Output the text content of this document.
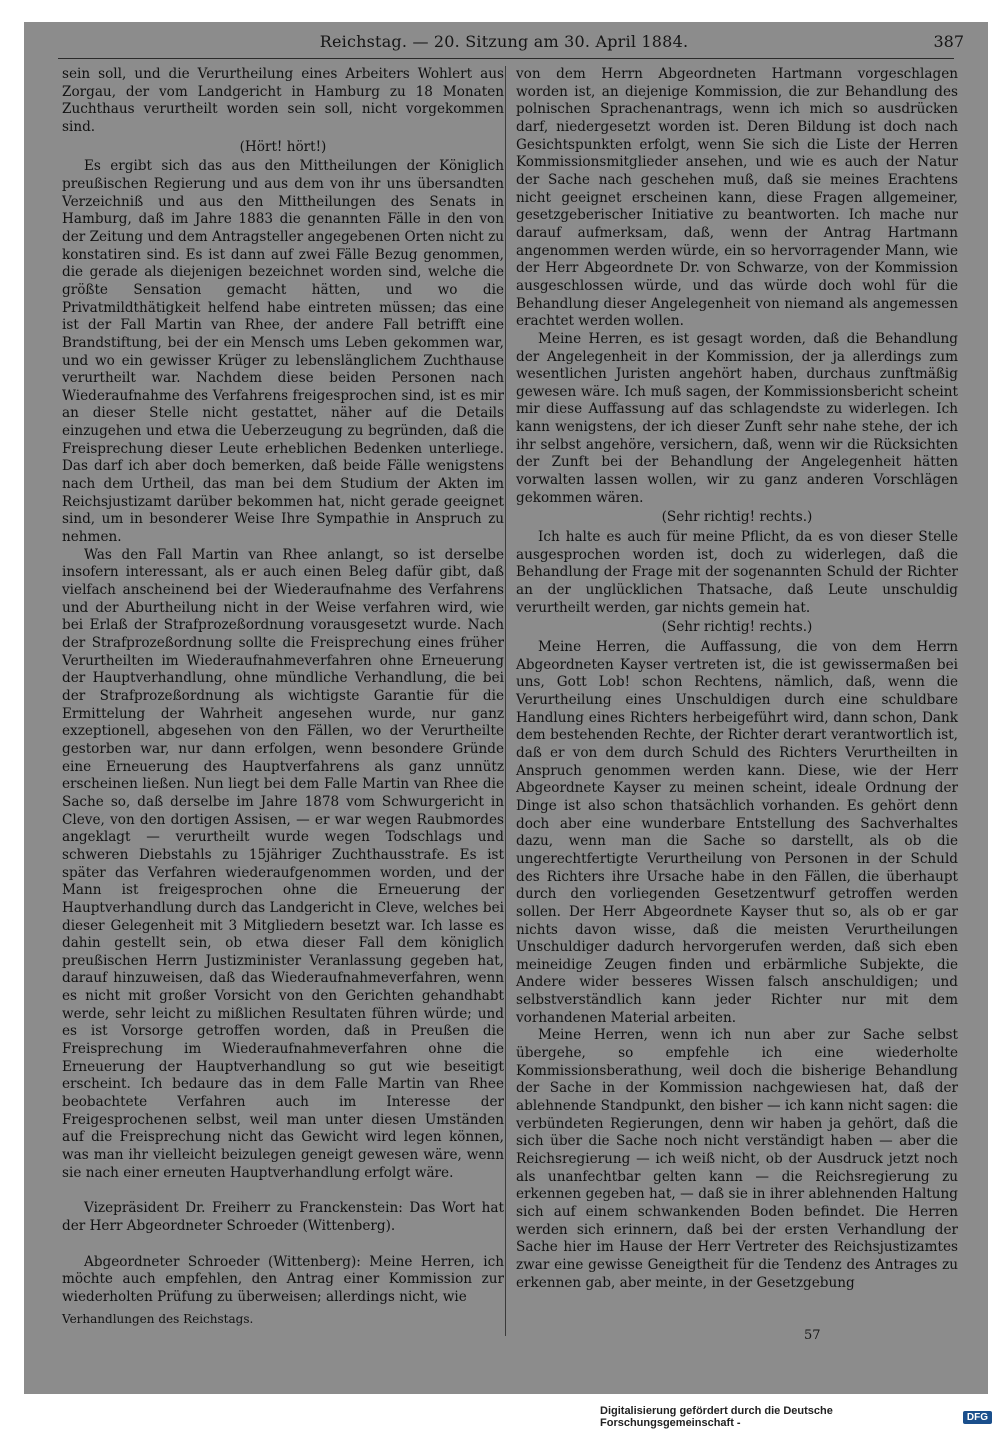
Reichstag. — 20. Sitzung am 30. April 1884.	387

sein soll, und die Verurtheilung eines Arbeiters Wohlert aus Zorgau, der vom Landgericht in Hamburg zu 18 Monaten Zuchthaus verurtheilt worden sein soll, nicht vorgekommen sind.

(Hört! hört!)

Es ergibt sich das aus den Mittheilungen der Königlich preußischen Regierung und aus dem von ihr uns übersandten Verzeichniß und aus den Mittheilungen des Senats in Hamburg, daß im Jahre 1883 die genannten Fälle in den von der Zeitung und dem Antragsteller angegebenen Orten nicht zu konstatiren sind. Es ist dann auf zwei Fälle Bezug genommen, die gerade als diejenigen bezeichnet worden sind, welche die größte Sensation gemacht hätten, und wo die Privatmildthätigkeit helfend habe eintreten müssen; das eine ist der Fall Martin van Rhee, der andere Fall betrifft eine Brandstiftung, bei der ein Mensch ums Leben gekommen war, und wo ein gewisser Krüger zu lebenslänglichem Zuchthause verurtheilt war. Nachdem diese beiden Personen nach Wiederaufnahme des Verfahrens freigesprochen sind, ist es mir an dieser Stelle nicht gestattet, näher auf die Details einzugehen und etwa die Ueberzeugung zu begründen, daß die Freisprechung dieser Leute erheblichen Bedenken unterliege. Das darf ich aber doch bemerken, daß beide Fälle wenigstens nach dem Urtheil, das man bei dem Studium der Akten im Reichsjustizamt darüber bekommen hat, nicht gerade geeignet sind, um in besonderer Weise Ihre Sympathie in Anspruch zu nehmen.

Was den Fall Martin van Rhee anlangt, so ist derselbe insofern interessant, als er auch einen Beleg dafür gibt, daß vielfach anscheinend bei der Wiederaufnahme des Verfahrens und der Aburtheilung nicht in der Weise verfahren wird, wie bei Erlaß der Strafprozeßordnung vorausgesetzt wurde. Nach der Strafprozeßordnung sollte die Freisprechung eines früher Verurtheilten im Wiederaufnahmeverfahren ohne Erneuerung der Hauptverhandlung, ohne mündliche Verhandlung, die bei der Strafprozeßordnung als wichtigste Garantie für die Ermittelung der Wahrheit angesehen wurde, nur ganz exzeptionell, abgesehen von den Fällen, wo der Verurtheilte gestorben war, nur dann erfolgen, wenn besondere Gründe eine Erneuerung des Hauptverfahrens als ganz unnütz erscheinen ließen. Nun liegt bei dem Falle Martin van Rhee die Sache so, daß derselbe im Jahre 1878 vom Schwurgericht in Cleve, von den dortigen Assisen, — er war wegen Raubmordes angeklagt — verurtheilt wurde wegen Todschlags und schweren Diebstahls zu 15jähriger Zuchthausstrafe. Es ist später das Verfahren wiederaufgenommen worden, und der Mann ist freigesprochen ohne die Erneuerung der Hauptverhandlung durch das Landgericht in Cleve, welches bei dieser Gelegenheit mit 3 Mitgliedern besetzt war. Ich lasse es dahin gestellt sein, ob etwa dieser Fall dem königlich preußischen Herrn Justizminister Veranlassung gegeben hat, darauf hinzuweisen, daß das Wiederaufnahmeverfahren, wenn es nicht mit großer Vorsicht von den Gerichten gehandhabt werde, sehr leicht zu mißlichen Resultaten führen würde; und es ist Vorsorge getroffen worden, daß in Preußen die Freisprechung im Wiederaufnahmeverfahren ohne die Erneuerung der Hauptverhandlung so gut wie beseitigt erscheint. Ich bedaure das in dem Falle Martin van Rhee beobachtete Verfahren auch im Interesse der Freigesprochenen selbst, weil man unter diesen Umständen auf die Freisprechung nicht das Gewicht wird legen können, was man ihr vielleicht beizulegen geneigt gewesen wäre, wenn sie nach einer erneuten Hauptverhandlung erfolgt wäre.

Vizepräsident Dr. Freiherr zu Franckenstein: Das Wort hat der Herr Abgeordneter Schroeder (Wittenberg).

Abgeordneter Schroeder (Wittenberg): Meine Herren, ich möchte auch empfehlen, den Antrag einer Kommission zur wiederholten Prüfung zu überweisen; allerdings nicht, wie

Verhandlungen des Reichstags.

von dem Herrn Abgeordneten Hartmann vorgeschlagen worden ist, an diejenige Kommission, die zur Behandlung des polnischen Sprachenantrags, wenn ich mich so ausdrücken darf, niedergesetzt worden ist. Deren Bildung ist doch nach Gesichtspunkten erfolgt, wenn Sie sich die Liste der Herren Kommissionsmitglieder ansehen, und wie es auch der Natur der Sache nach geschehen muß, daß sie meines Erachtens nicht geeignet erscheinen kann, diese Fragen allgemeiner, gesetzgeberischer Initiative zu beantworten. Ich mache nur darauf aufmerksam, daß, wenn der Antrag Hartmann angenommen werden würde, ein so hervorragender Mann, wie der Herr Abgeordnete Dr. von Schwarze, von der Kommission ausgeschlossen würde, und das würde doch wohl für die Behandlung dieser Angelegenheit von niemand als angemessen erachtet werden wollen.

Meine Herren, es ist gesagt worden, daß die Behandlung der Angelegenheit in der Kommission, der ja allerdings zum wesentlichen Juristen angehört haben, durchaus zunftmäßig gewesen wäre. Ich muß sagen, der Kommissionsbericht scheint mir diese Auffassung auf das schlagendste zu widerlegen. Ich kann wenigstens, der ich dieser Zunft sehr nahe stehe, der ich ihr selbst angehöre, versichern, daß, wenn wir die Rücksichten der Zunft bei der Behandlung der Angelegenheit hätten vorwalten lassen wollen, wir zu ganz anderen Vorschlägen gekommen wären.

(Sehr richtig! rechts.)

Ich halte es auch für meine Pflicht, da es von dieser Stelle ausgesprochen worden ist, doch zu widerlegen, daß die Behandlung der Frage mit der sogenannten Schuld der Richter an der unglücklichen Thatsache, daß Leute unschuldig verurtheilt werden, gar nichts gemein hat.

(Sehr richtig! rechts.)

Meine Herren, die Auffassung, die von dem Herrn Abgeordneten Kayser vertreten ist, die ist gewissermaßen bei uns, Gott Lob! schon Rechtens, nämlich, daß, wenn die Verurtheilung eines Unschuldigen durch eine schuldbare Handlung eines Richters herbeigeführt wird, dann schon, Dank dem bestehenden Rechte, der Richter derart verantwortlich ist, daß er von dem durch Schuld des Richters Verurtheilten in Anspruch genommen werden kann. Diese, wie der Herr Abgeordnete Kayser zu meinen scheint, ideale Ordnung der Dinge ist also schon thatsächlich vorhanden. Es gehört denn doch aber eine wunderbare Entstellung des Sachverhaltes dazu, wenn man die Sache so darstellt, als ob die ungerechtfertigte Verurtheilung von Personen in der Schuld des Richters ihre Ursache habe in den Fällen, die überhaupt durch den vorliegenden Gesetzentwurf getroffen werden sollen. Der Herr Abgeordnete Kayser thut so, als ob er gar nichts davon wisse, daß die meisten Verurtheilungen Unschuldiger dadurch hervorgerufen werden, daß sich eben meineidige Zeugen finden und erbärmliche Subjekte, die Andere wider besseres Wissen falsch anschuldigen; und selbstverständlich kann jeder Richter nur mit dem vorhandenen Material arbeiten.

Meine Herren, wenn ich nun aber zur Sache selbst übergehe, so empfehle ich eine wiederholte Kommissionsberathung, weil doch die bisherige Behandlung der Sache in der Kommission nachgewiesen hat, daß der ablehnende Standpunkt, den bisher — ich kann nicht sagen: die verbündeten Regierungen, denn wir haben ja gehört, daß die sich über die Sache noch nicht verständigt haben — aber die Reichsregierung — ich weiß nicht, ob der Ausdruck jetzt noch als unanfechtbar gelten kann — die Reichsregierung zu erkennen gegeben hat, — daß sie in ihrer ablehnenden Haltung sich auf einem schwankenden Boden befindet. Die Herren werden sich erinnern, daß bei der ersten Verhandlung der Sache hier im Hause der Herr Vertreter des Reichsjustizamtes zwar eine gewisse Geneigtheit für die Tendenz des Antrages zu erkennen gab, aber meinte, in der Gesetzgebung

57
Digitalisierung gefördert durch die Deutsche Forschungsgemeinschaft -	DFG
